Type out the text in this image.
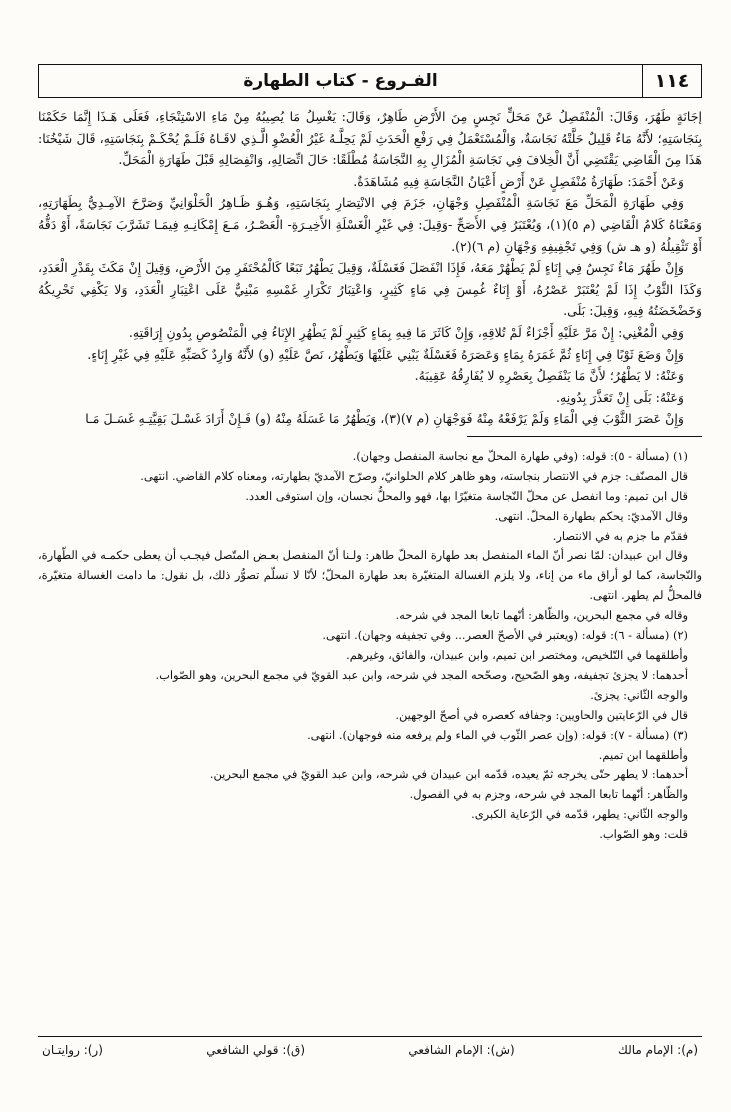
١١٤
الفـروع - كتاب الطهارة

إجَانَةٍ طَهُرَ، وَقَالَ: الْمُنْفَصِلُ عَنْ مَحَلٍّ نَجِسٍ مِنَ الأَرْضِ طَاهِرٌ، وَقَالَ: يَغْسِلُ مَا يُصِيبُهُ مِنْ مَاءِ الاسْتِنْجَاءِ، فَعَلَى هَـذَا إِنَّمَا حَكَمْنَا بِنَجَاسَتِهِ؛ لأَنَّهُ مَاءٌ قَلِيلٌ حَلَّتْهُ نَجَاسَةٌ، وَالْمُسْتَعْمَلُ فِي رَفْعِ الْحَدَثِ لَمْ يَحِلَّـهُ غَيْرُ الْعُضْوِ الَّـذِي لاقَـاهُ فَلَـمْ يُحْكَـمْ بِنَجَاسَتِهِ، قَالَ شَيْخُنَا: هَذَا مِنَ الْقَاضِي يَقْتَضِي أَنَّ الْخِلافَ فِي نَجَاسَةِ الْمُزَالِ بِهِ النَّجَاسَةُ مُطْلَقًا: حَالَ اتِّصَالِهِ، وَانْفِصَالِهِ قَبْلَ طَهَارَةِ الْمَحَلِّ.

وَعَنْ أَحْمَدَ: طَهَارَةُ مُنْفَصِلٍ عَنْ أَرْضٍ أَعْيَانُ النَّجَاسَةِ فِيهِ مُشَاهَدَةٌ.

وَفِي طَهَارَةِ الْمَحَلِّ مَعَ نَجَاسَةِ الْمُنْفَصِلِ وَجْهَانِ، جَزَمَ فِي الانْتِصَارِ بِنَجَاسَتِهِ، وَهُـوَ ظَـاهِرُ الْحَلْوَانِيِّ وَصَرَّحَ الآمِـدِيُّ بِطَهَارَتِهِ، وَمَعْنَاهُ كَلامُ الْقَاضِي (م ٥)(١)، وَيُعْتَبَرُ فِي الأَصَحِّ -وَقِيلَ: فِي غَيْرِ الْغَسْلَةِ الأَخِيـرَةِ- الْعَصْـرُ، مَـعَ إِمْكَانِـهِ فِيمَـا تَشَرَّبَ نَجَاسَةً، أَوْ دَقُّهُ أَوْ تَثْقِيلُهُ (و هـ ش) وَفِي تَجْفِيفِهِ وَجْهَانِ (م ٦)(٢).

وَإِنْ طَهُرَ مَاءٌ نَجِسٌ فِي إِنَاءٍ لَمْ يَطْهُرْ مَعَهُ، فَإِذَا انْفَصَلَ فَغَسْلَةٌ، وَقِيلَ يَطْهُرُ تَبَعًا كَالْمُحْتَفَرِ مِنَ الأَرْضِ، وَقِيلَ إِنْ مَكَثَ بِقَدْرِ الْعَدَدِ، وَكَذَا الثَّوْبُ إِذَا لَمْ يُعْتَبَرْ عَصْرُهُ، أَوْ إِنَاءٌ غُمِسَ فِي مَاءٍ كَثِيرٍ، وَاعْتِبَارُ تَكْرَارِ غَمْسِهِ مَبْنِيٌّ عَلَى اعْتِبَارِ الْعَدَدِ، وَلا يَكْفِي تَحْرِيكُهُ وَخَضْخَضَتُهُ فِيهِ، وَقِيلَ: بَلَى.

وَفِي الْمُغْنِي: إِنْ مَرَّ عَلَيْهِ أَجْزَاءٌ لَمْ تُلاقِهِ، وَإِنْ كَاثَرَ مَا فِيهِ بِمَاءٍ كَثِيرٍ لَمْ يَطْهُرِ الإِنَاءُ فِي الْمَنْصُوصِ بِدُونِ إِرَاقَتِهِ.

وَإِنْ وَضَعَ ثَوْبًا فِي إِنَاءٍ ثُمَّ غَمَرَهُ بِمَاءٍ وَعَصَرَهُ فَغَسْلَةٌ يَبْنِي عَلَيْهَا وَيَطْهُرُ، نَصَّ عَلَيْهِ (و) لأَنَّهُ وَارِدٌ كَصَبِّهِ عَلَيْهِ فِي غَيْرِ إِنَاءٍ.

وَعَنْهُ: لا يَطْهُرُ؛ لأَنَّ مَا يَنْفَصِلُ بِعَصْرِهِ لا يُفَارِقُهُ عَقِيبَهُ.

وَعَنْهُ: بَلَى إِنْ تَعَذَّرَ بِدُونِهِ.

وَإِنْ عَصَرَ الثَّوْبَ فِي الْمَاءِ وَلَمْ يَرْفَعْهُ مِنْهُ فَوَجْهَانِ (م ٧)(٣)، وَيَطْهُرُ مَا غَسَلَهُ مِنْهُ (و) فَـإِنْ أَرَادَ غَسْـلَ بَقِيَّتِـهِ غَسَـلَ مَـا

(١) (مسألة - ٥): قوله: (وفي طهارة المحلّ مع نجاسة المنفصل وجهان).

قال المصنّف: جزم في الانتصار بنجاسته، وهو ظاهر كلام الحلوانيّ، وصرّح الآمديّ بطهارته، ومعناه كلام القاضي. انتهى.

قال ابن تميم: وما انفصل عن محلّ النّجاسة متغيّرًا بها، فهو والمحلُّ نجسان، وإن استوفى العدد.

وقال الآمديّ: يحكم بطهارة المحلّ. انتهى.

فقدّم ما جزم به في الانتصار.

وقال ابن عبيدان: لمّا نصر أنّ الماء المنفصل بعد طهارة المحلّ طاهر: ولـنا أنّ المنفصل بعـض المتّصل فيجـب أن يعطى حكمـه في الطّهارة، والنّجاسة، كما لو أراق ماء من إناء، ولا يلزم الغسالة المتغيّرة بعد طهارة المحلّ؛ لأنّا لا نسلّم تصوُّر ذلك، بل نقول: ما دامت الغسالة متغيّرة، فالمحلُّ لم يطهر. انتهى.

وقاله في مجمع البحرين، والظّاهر: أنّهما تابعا المجد في شرحه.

(٢) (مسألة - ٦): قوله: (ويعتبر في الأصحّ العصر... وفي تجفيفه وجهان). انتهى.

وأطلقهما في التّلخيص، ومختصر ابن تميم، وابن عبيدان، والفائق، وغيرهم.

أحدهما: لا يجزئ تجفيفه، وهو الصّحيح، وصحّحه المجد في شرحه، وابن عبد القويّ في مجمع البحرين، وهو الصّواب.

والوجه الثّاني: يجزئ.

قال في الرّعايتين والحاويين: وجفافه كعصره في أصحّ الوجهين.

(٣) (مسألة - ٧): قوله: (وإن عصر الثّوب في الماء ولم يرفعه منه فوجهان). انتهى.

وأطلقهما ابن تميم.

أحدهما: لا يطهر حتّى يخرجه ثمّ يعيده، قدّمه ابن عبيدان في شرحه، وابن عبد القويّ في مجمع البحرين.

والظّاهر: أنّهما تابعا المجد في شرحه، وجزم به في الفصول.

والوجه الثّاني: يطهر، قدّمه في الرّعاية الكبرى.

قلت: وهو الصّواب.

(م): الإمام مالك
(ش): الإمام الشافعي
(ق): قولي الشافعي
(ر): روايتـان
